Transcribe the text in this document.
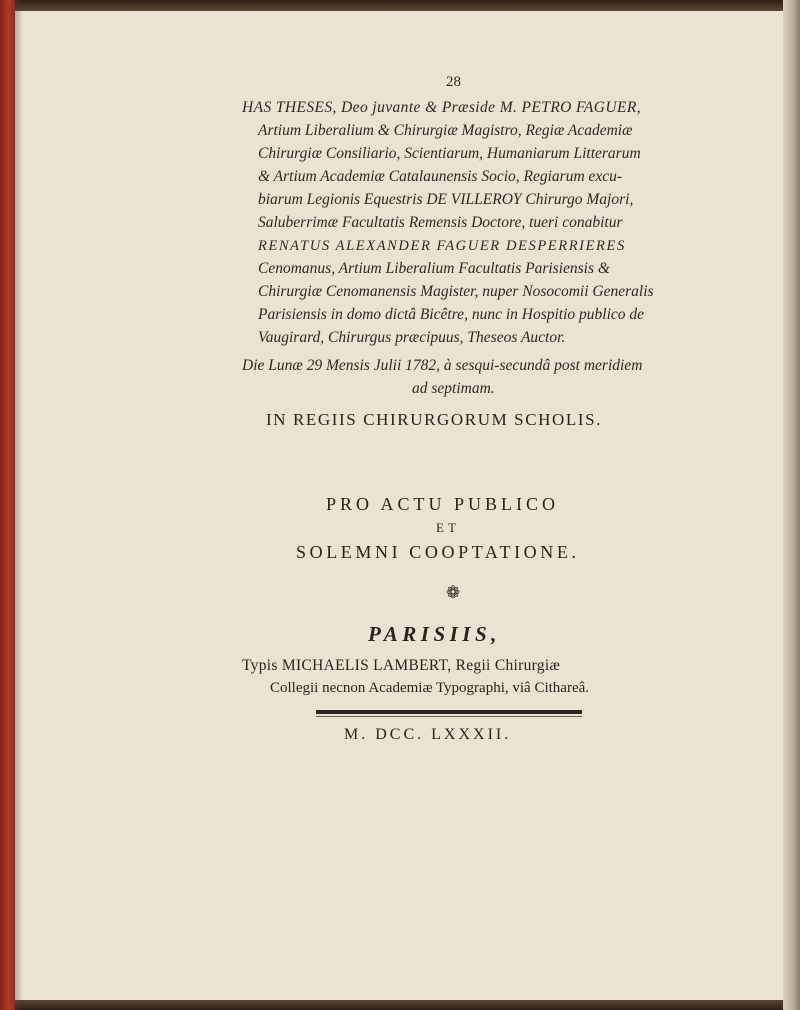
28
HAS THESES, Deo juvante & Præside M. PETRO FAGUER,
Artium Liberalium & Chirurgiæ Magistro, Regiæ Academiæ
Chirurgiæ Consiliario, Scientiarum, Humaniarum Litterarum
& Artium Academiæ Catalaunensis Socio, Regiarum excu-
biarum Legionis Equestris DE VILLEROY Chirurgo Majori,
Saluberrimæ Facultatis Remensis Doctore, tueri conabitur
RENATUS ALEXANDER FAGUER DESPERRIERES
Cenomanus, Artium Liberalium Facultatis Parisiensis &
Chirurgiæ Cenomanensis Magister, nuper Nosocomii Generalis
Parisiensis in domo dictâ Bicêtre, nunc in Hospitio publico de
Vaugirard, Chirurgus præcipuus, Theseos Auctor.
Die Lunæ 29 Mensis Julii 1782, à sesqui-secundâ post meridiem
ad septimam.
IN REGIIS CHIRURGORUM SCHOLIS.
PRO ACTU PUBLICO
ET
SOLEMNI COOPTATIONE.
❁
PARISIIS,
Typis MICHAELIS LAMBERT, Regii Chirurgiæ
Collegii necnon Academiæ Typographi, viâ Cithareâ.
M. DCC. LXXXII.
